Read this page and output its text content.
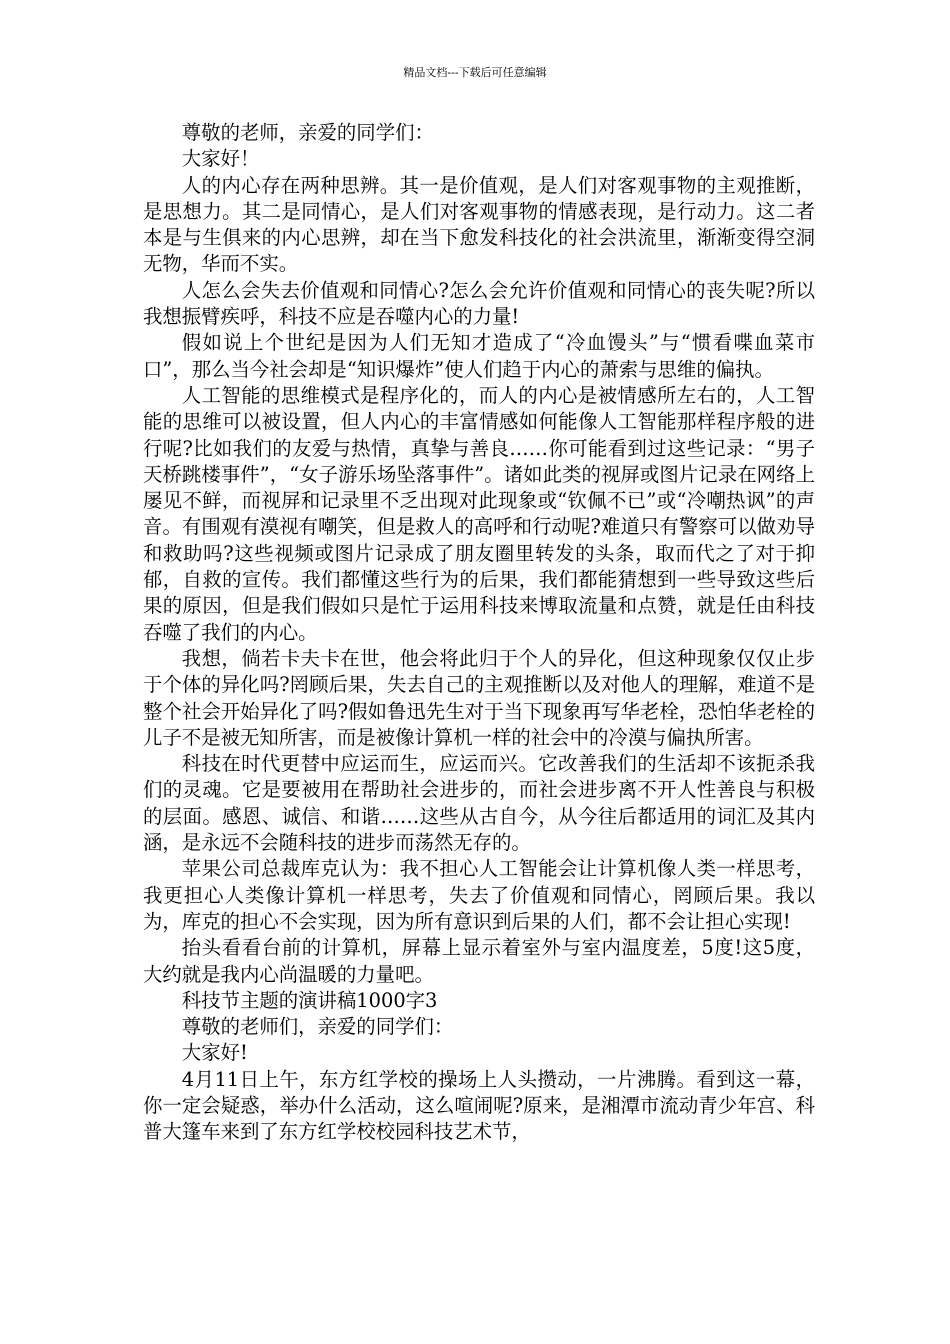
精品文档---下载后可任意编辑

尊敬的老师，亲爱的同学们：

大家好！

人的内心存在两种思辨。其一是价值观，是人们对客观事物的主观推断，是思想力。其二是同情心，是人们对客观事物的情感表现，是行动力。这二者本是与生俱来的内心思辨，却在当下愈发科技化的社会洪流里，渐渐变得空洞无物，华而不实。

人怎么会失去价值观和同情心?怎么会允许价值观和同情心的丧失呢?所以我想振臂疾呼，科技不应是吞噬内心的力量!

假如说上个世纪是因为人们无知才造成了“冷血馒头”与“惯看喋血菜市口”，那么当今社会却是“知识爆炸”使人们趋于内心的萧索与思维的偏执。

人工智能的思维模式是程序化的，而人的内心是被情感所左右的，人工智能的思维可以被设置，但人内心的丰富情感如何能像人工智能那样程序般的进行呢?比如我们的友爱与热情，真挚与善良……你可能看到过这些记录：“男子天桥跳楼事件”，“女子游乐场坠落事件”。诸如此类的视屏或图片记录在网络上屡见不鲜，而视屏和记录里不乏出现对此现象或“钦佩不已”或“冷嘲热讽”的声音。有围观有漠视有嘲笑，但是救人的高呼和行动呢?难道只有警察可以做劝导和救助吗?这些视频或图片记录成了朋友圈里转发的头条，取而代之了对于抑郁，自救的宣传。我们都懂这些行为的后果，我们都能猜想到一些导致这些后果的原因，但是我们假如只是忙于运用科技来博取流量和点赞，就是任由科技吞噬了我们的内心。

我想，倘若卡夫卡在世，他会将此归于个人的异化，但这种现象仅仅止步于个体的异化吗?罔顾后果，失去自己的主观推断以及对他人的理解，难道不是整个社会开始异化了吗?假如鲁迅先生对于当下现象再写华老栓，恐怕华老栓的儿子不是被无知所害，而是被像计算机一样的社会中的冷漠与偏执所害。

科技在时代更替中应运而生，应运而兴。它改善我们的生活却不该扼杀我们的灵魂。它是要被用在帮助社会进步的，而社会进步离不开人性善良与积极的层面。感恩、诚信、和谐……这些从古自今，从今往后都适用的词汇及其内涵，是永远不会随科技的进步而荡然无存的。

苹果公司总裁库克认为：我不担心人工智能会让计算机像人类一样思考，我更担心人类像计算机一样思考，失去了价值观和同情心，罔顾后果。我以为，库克的担心不会实现，因为所有意识到后果的人们，都不会让担心实现!

抬头看看台前的计算机，屏幕上显示着室外与室内温度差，5度!这5度，大约就是我内心尚温暖的力量吧。

科技节主题的演讲稿1000字3

尊敬的老师们，亲爱的同学们：

大家好!

4月11日上午，东方红学校的操场上人头攒动，一片沸腾。看到这一幕，你一定会疑惑，举办什么活动，这么喧闹呢?原来，是湘潭市流动青少年宫、科普大篷车来到了东方红学校校园科技艺术节，
